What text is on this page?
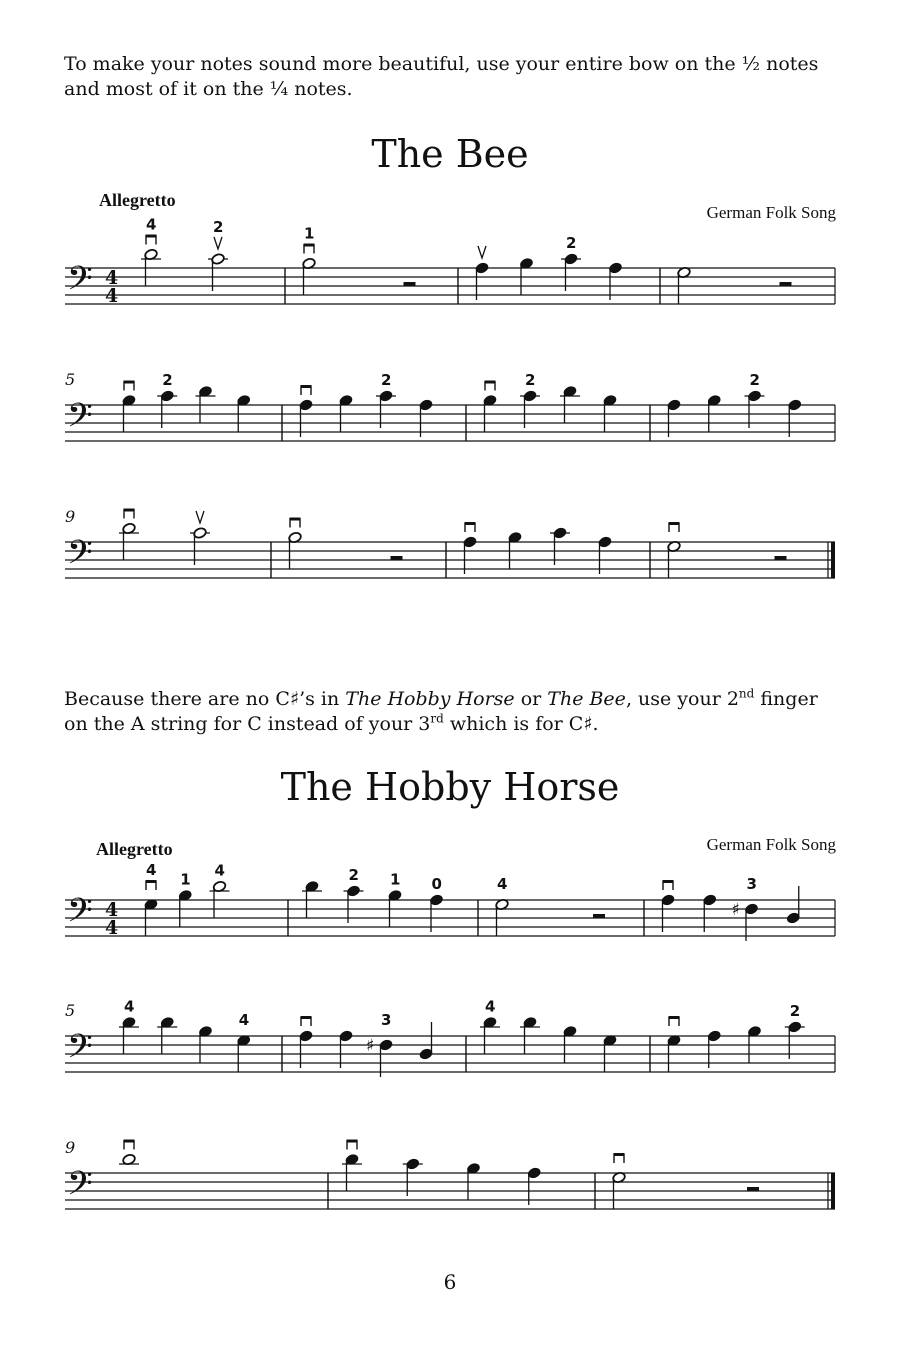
To make your notes sound more beautiful, use your entire bow on the ½ notes and most of it on the ¼ notes.

The Bee
Allegretto
German Folk Song

Because there are no C♯’s in The Hobby Horse or The Bee, use your 2nd finger on the A string for C instead of your 3rd which is for C♯.

The Hobby Horse
Allegretto	German Folk Song
𝄢 4
4
4	2	1
2
𝄢
5	2	2	2	2
𝄢
9
𝄢 4
4
4
1 4	2 1 0	4
♯
3
𝄢
5	4
4
♯
3
4	2
𝄢
9
6
